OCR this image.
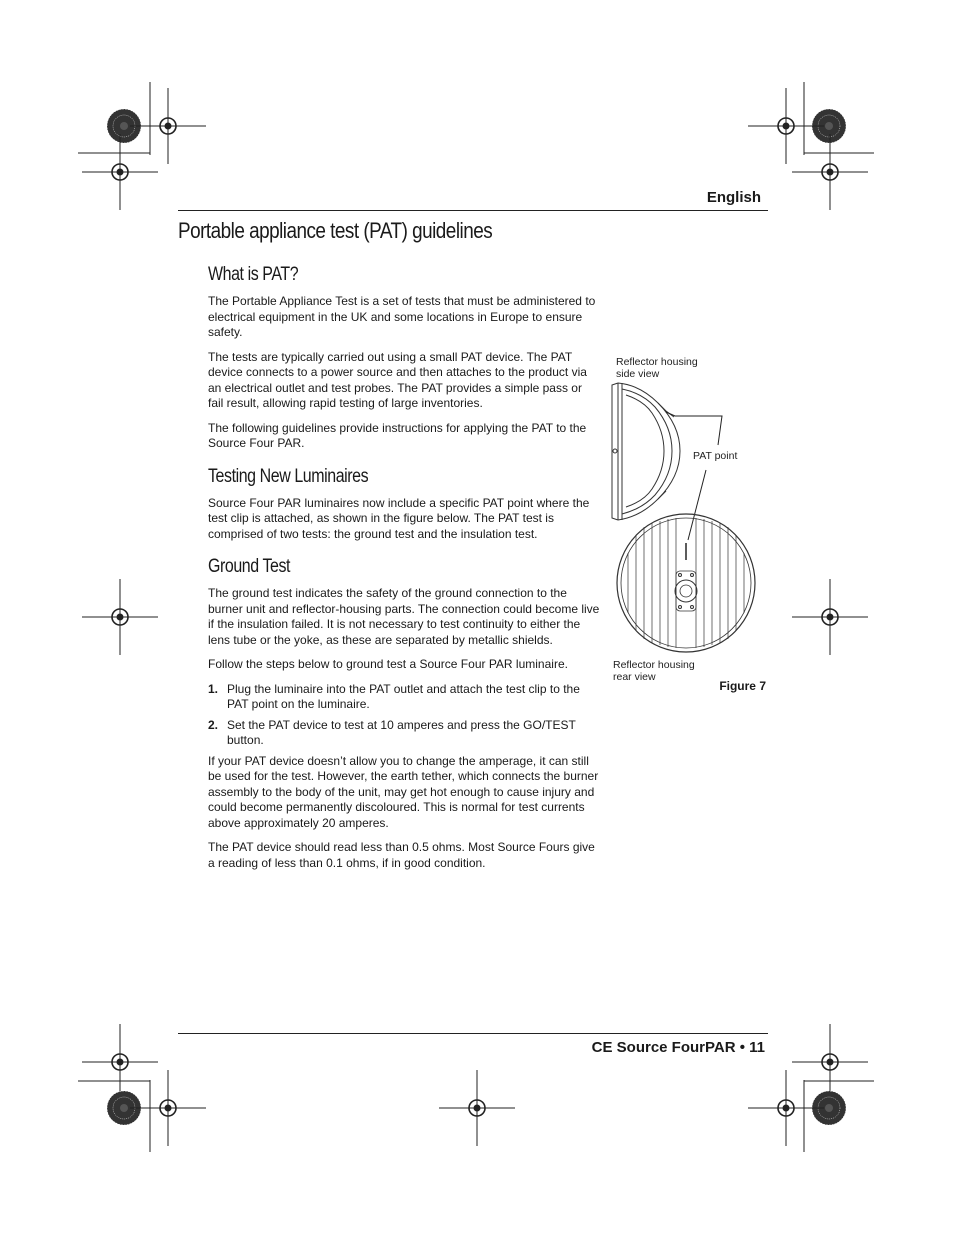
English
Portable appliance test (PAT) guidelines
What is PAT?

The Portable Appliance Test is a set of tests that must be administered to electrical equipment in the UK and some locations in Europe to ensure safety.

The tests are typically carried out using a small PAT device. The PAT device connects to a power source and then attaches to the product via an electrical outlet and test probes. The PAT provides a simple pass or fail result, allowing rapid testing of large inventories.

The following guidelines provide instructions for applying the PAT to the Source Four PAR.

Testing New Luminaires

Source Four PAR luminaires now include a specific PAT point where the test clip is attached, as shown in the figure below. The PAT test is comprised of two tests: the ground test and the insulation test.

Ground Test

The ground test indicates the safety of the ground connection to the burner unit and reflector-housing parts. The connection could become live if the insulation failed. It is not necessary to test continuity to either the lens tube or the yoke, as these are separated by metallic shields.

Follow the steps below to ground test a Source Four PAR luminaire.

1. Plug the luminaire into the PAT outlet and attach the test clip to the PAT point on the luminaire.
2. Set the PAT device to test at 10 amperes and press the GO/TEST button.

If your PAT device doesn’t allow you to change the amperage, it can still be used for the test. However, the earth tether, which connects the burner assembly to the body of the unit, may get hot enough to cause injury and could become permanently discoloured. This is normal for test currents above approximately 20 amperes.

The PAT device should read less than 0.5 ohms. Most Source Fours give a reading of less than 0.1 ohms, if in good condition.

Reflector housing
side view
PAT point
Reflector housing
rear view
Figure 7
CE Source FourPAR • 11
